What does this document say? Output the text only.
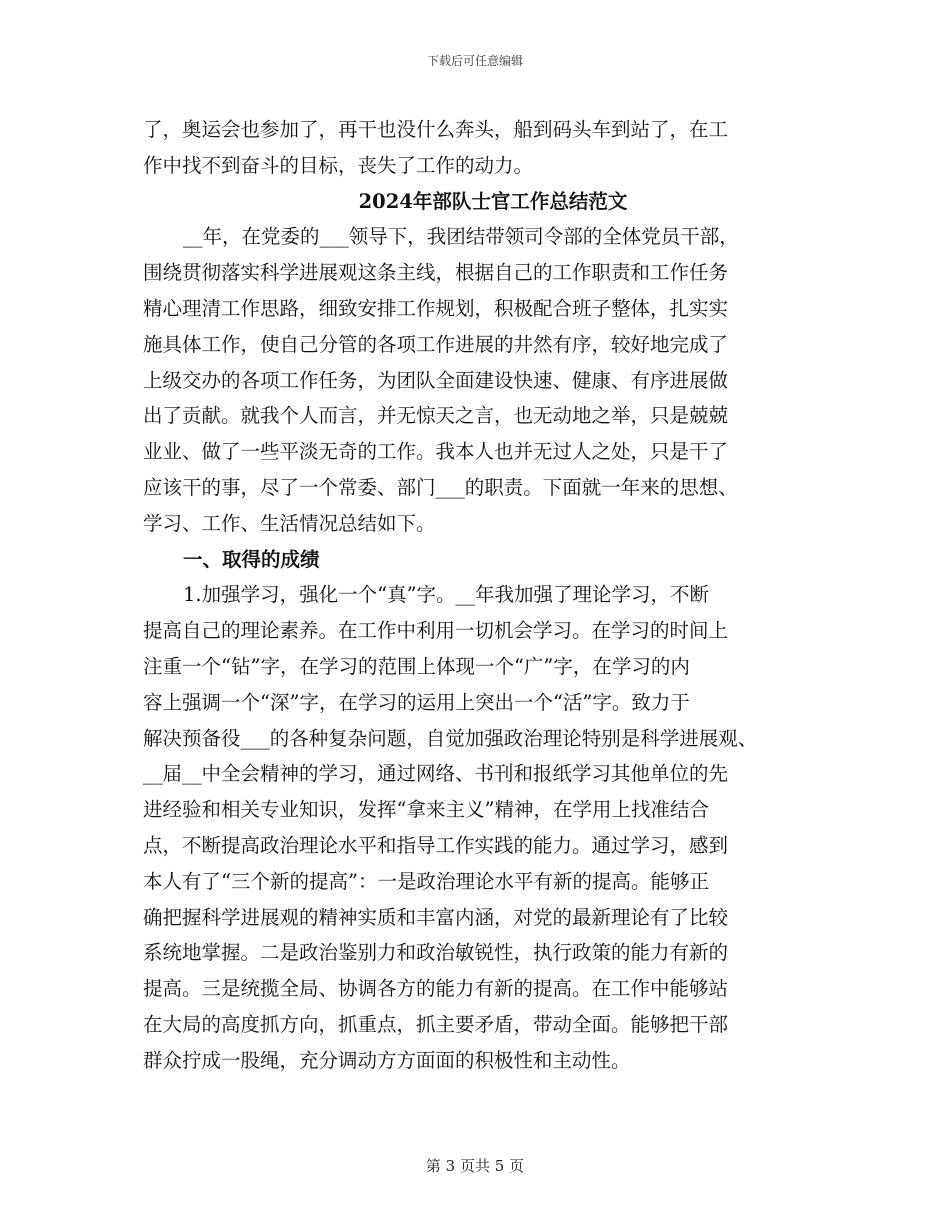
下载后可任意编辑
了，奥运会也参加了，再干也没什么奔头，船到码头车到站了，在工
作中找不到奋斗的目标，丧失了工作的动力。
2024年部队士官工作总结范文
__年，在党委的___领导下，我团结带领司令部的全体党员干部，
围绕贯彻落实科学进展观这条主线，根据自己的工作职责和工作任务
精心理清工作思路，细致安排工作规划，积极配合班子整体，扎实实
施具体工作，使自己分管的各项工作进展的井然有序，较好地完成了
上级交办的各项工作任务，为团队全面建设快速、健康、有序进展做
出了贡献。就我个人而言，并无惊天之言，也无动地之举，只是兢兢
业业、做了一些平淡无奇的工作。我本人也并无过人之处，只是干了
应该干的事，尽了一个常委、部门___的职责。下面就一年来的思想、
学习、工作、生活情况总结如下。
一、取得的成绩
1.加强学习，强化一个“真”字。__年我加强了理论学习，不断
提高自己的理论素养。在工作中利用一切机会学习。在学习的时间上
注重一个“钻”字，在学习的范围上体现一个“广”字，在学习的内
容上强调一个“深”字，在学习的运用上突出一个“活”字。致力于
解决预备役___的各种复杂问题，自觉加强政治理论特别是科学进展观、
__届__中全会精神的学习，通过网络、书刊和报纸学习其他单位的先
进经验和相关专业知识，发挥“拿来主义”精神，在学用上找准结合
点，不断提高政治理论水平和指导工作实践的能力。通过学习，感到
本人有了“三个新的提高”：一是政治理论水平有新的提高。能够正
确把握科学进展观的精神实质和丰富内涵，对党的最新理论有了比较
系统地掌握。二是政治鉴别力和政治敏锐性，执行政策的能力有新的
提高。三是统揽全局、协调各方的能力有新的提高。在工作中能够站
在大局的高度抓方向，抓重点，抓主要矛盾，带动全面。能够把干部
群众拧成一股绳，充分调动方方面面的积极性和主动性。
第 3 页共 5 页
